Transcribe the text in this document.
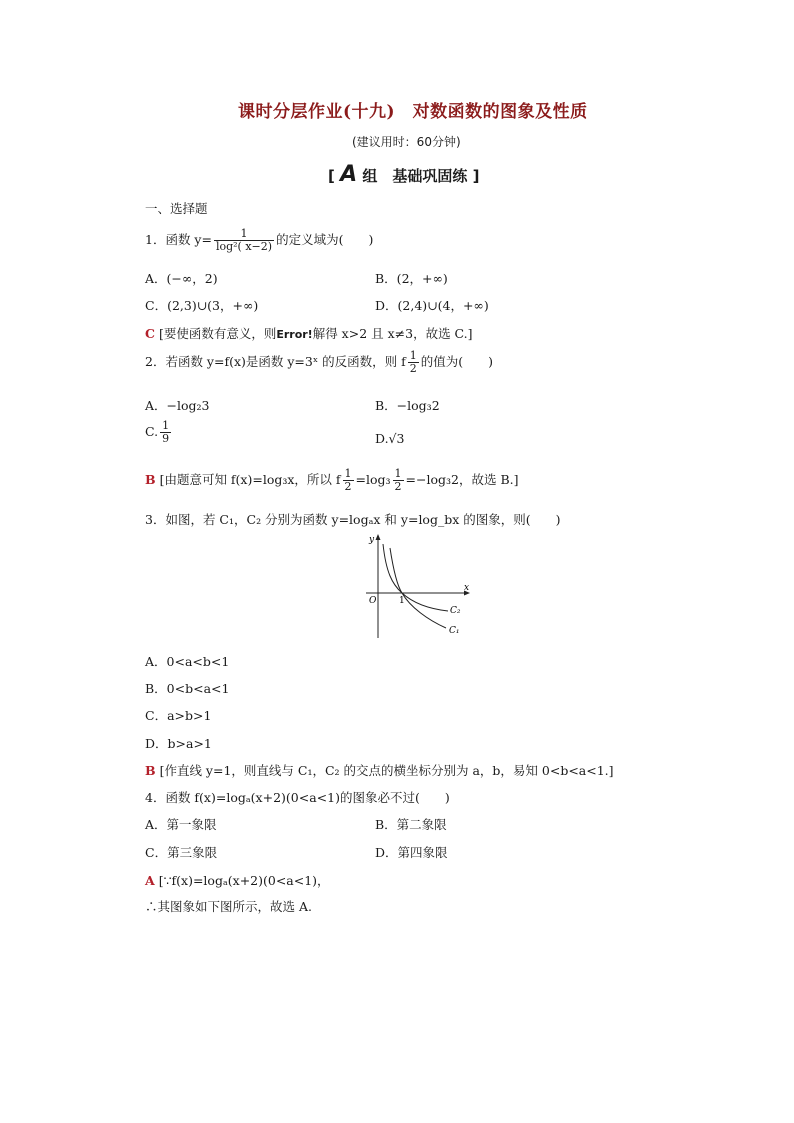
课时分层作业(十九)　对数函数的图象及性质
(建议用时：60分钟)
[ A 组　基础巩固练 ]
一、选择题
1．函数 $y= \frac{1}{\text{log²( x−2)}}$ 的定义域为(　　)
A．(−∞，2)	B．(2，+∞)
C．(2,3)∪(3，+∞)	D．(2,4)∪(4，+∞)
C [要使函数有意义，则Error!解得 x>2 且 x≠3，故选 C.]
2．若函数 y=f(x)是函数 y=3ˣ 的反函数，则 f $\frac{1}{2}$ 的值为(　　)
A．−log₂3	B．−log₃2
C. $\frac{1}{9}$	D.√3
B [由题意可知 f(x)=log₃x，所以 f $\frac{1}{2} =\log_3 \frac{1}{2} =-\log_32$，故选 B.]
3．如图，若 C₁，C₂ 分别为函数 y=logₐx 和 y=log_bx 的图象，则(　　)
y
x
O	1
C₂
C₁
A．0<a<b<1
B．0<b<a<1
C．a>b>1
D．b>a>1
B [作直线 y=1，则直线与 C₁，C₂ 的交点的横坐标分别为 a，b，易知 0<b<a<1.]
4．函数 f(x)=logₐ(x+2)(0<a<1)的图象必不过(　　)
A．第一象限	B．第二象限
C．第三象限	D．第四象限
A [∵f(x)=logₐ(x+2)(0<a<1)，
∴其图象如下图所示，故选 A.
